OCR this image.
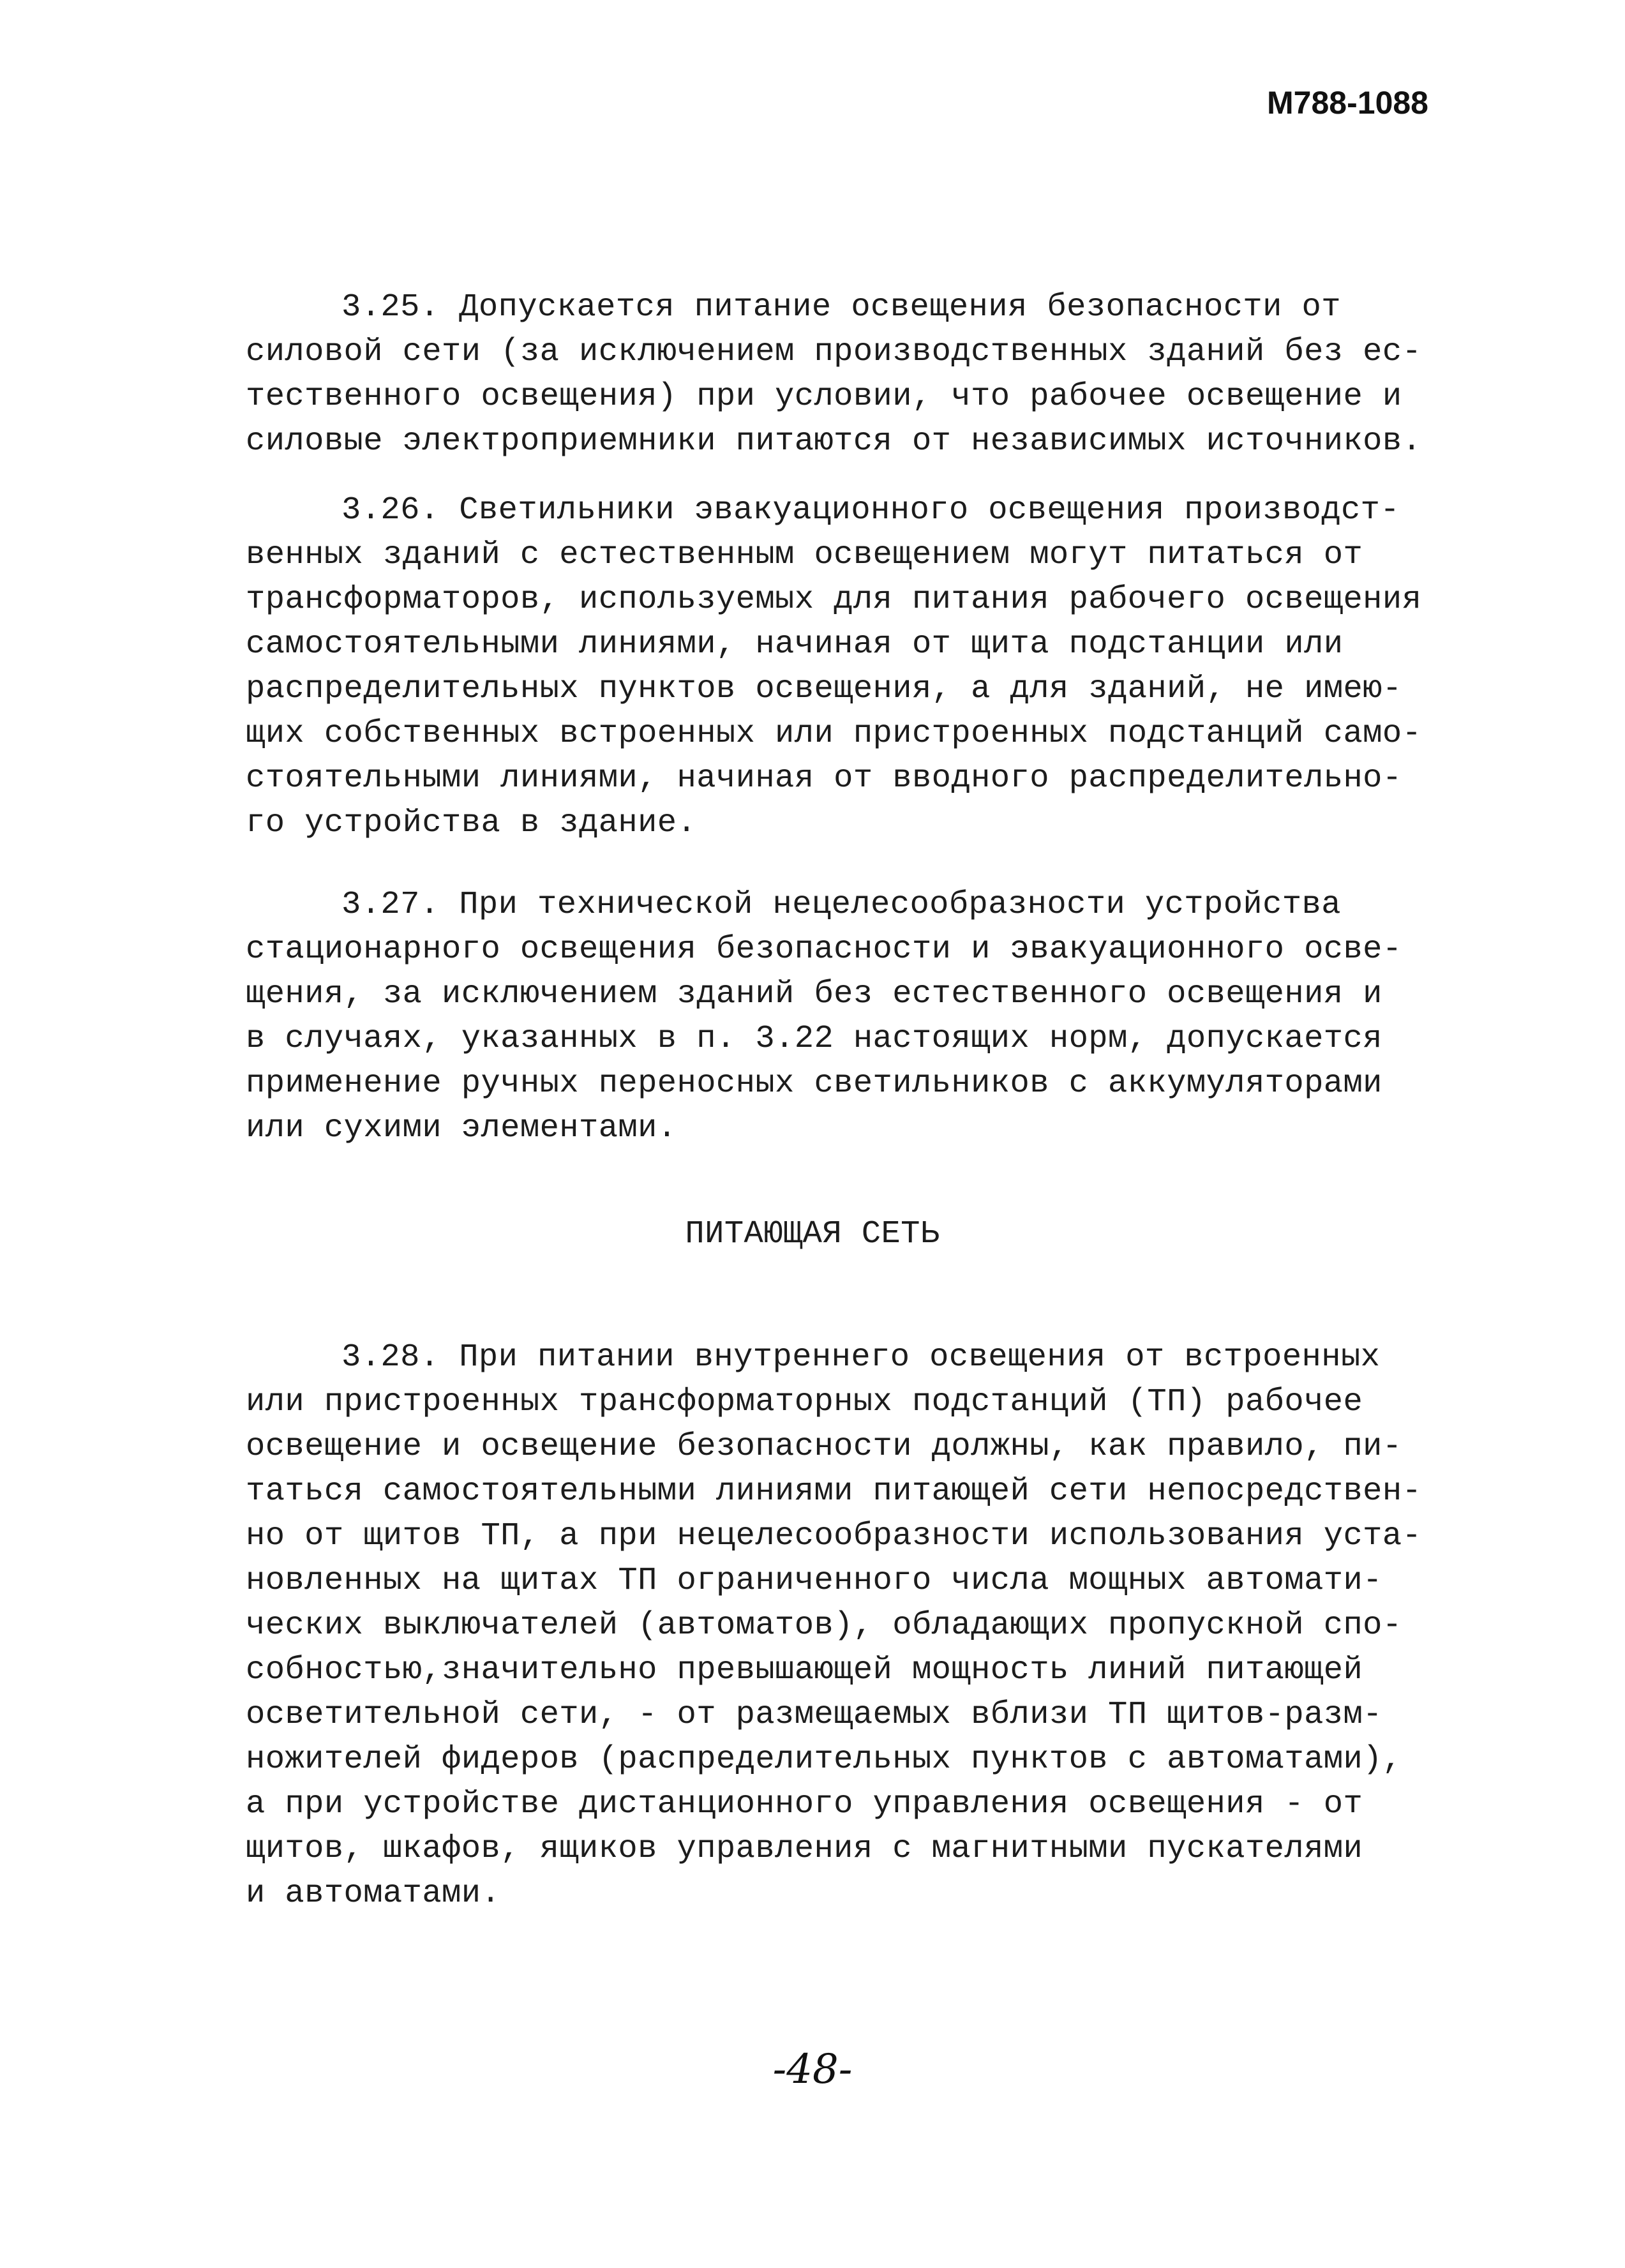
M788-1088
3.25. Допускается питание освещения безопасности от
силовой сети (за исключением производственных зданий без ес-
тественного освещения) при условии, что рабочее освещение и
силовые электроприемники питаются от независимых источников.
3.26. Светильники эвакуационного освещения производст-
венных зданий с естественным освещением могут питаться от
трансформаторов, используемых для питания рабочего освещения
самостоятельными линиями, начиная от щита подстанции или
распределительных пунктов освещения, а для зданий, не имею-
щих собственных встроенных или пристроенных подстанций само-
стоятельными линиями, начиная от вводного распределительно-
го устройства в здание.
3.27. При технической нецелесообразности устройства
стационарного освещения безопасности и эвакуационного осве-
щения, за исключением зданий без естественного освещения и
в случаях, указанных в п. 3.22 настоящих норм, допускается
применение ручных переносных светильников с аккумуляторами
или сухими элементами.
ПИТАЮЩАЯ СЕТЬ
3.28. При питании внутреннего освещения от встроенных
или пристроенных трансформаторных подстанций (ТП) рабочее
освещение и освещение безопасности должны, как правило, пи-
таться самостоятельными линиями питающей сети непосредствен-
но от щитов ТП, а при нецелесообразности использования уста-
новленных на щитах ТП ограниченного числа мощных автомати-
ческих выключателей (автоматов), обладающих пропускной спо-
собностью,значительно превышающей мощность линий питающей
осветительной сети, - от размещаемых вблизи ТП щитов-разм-
ножителей фидеров (распределительных пунктов с автоматами),
а при устройстве дистанционного управления освещения - от
щитов, шкафов, ящиков управления с магнитными пускателями
и автоматами.
-48-
